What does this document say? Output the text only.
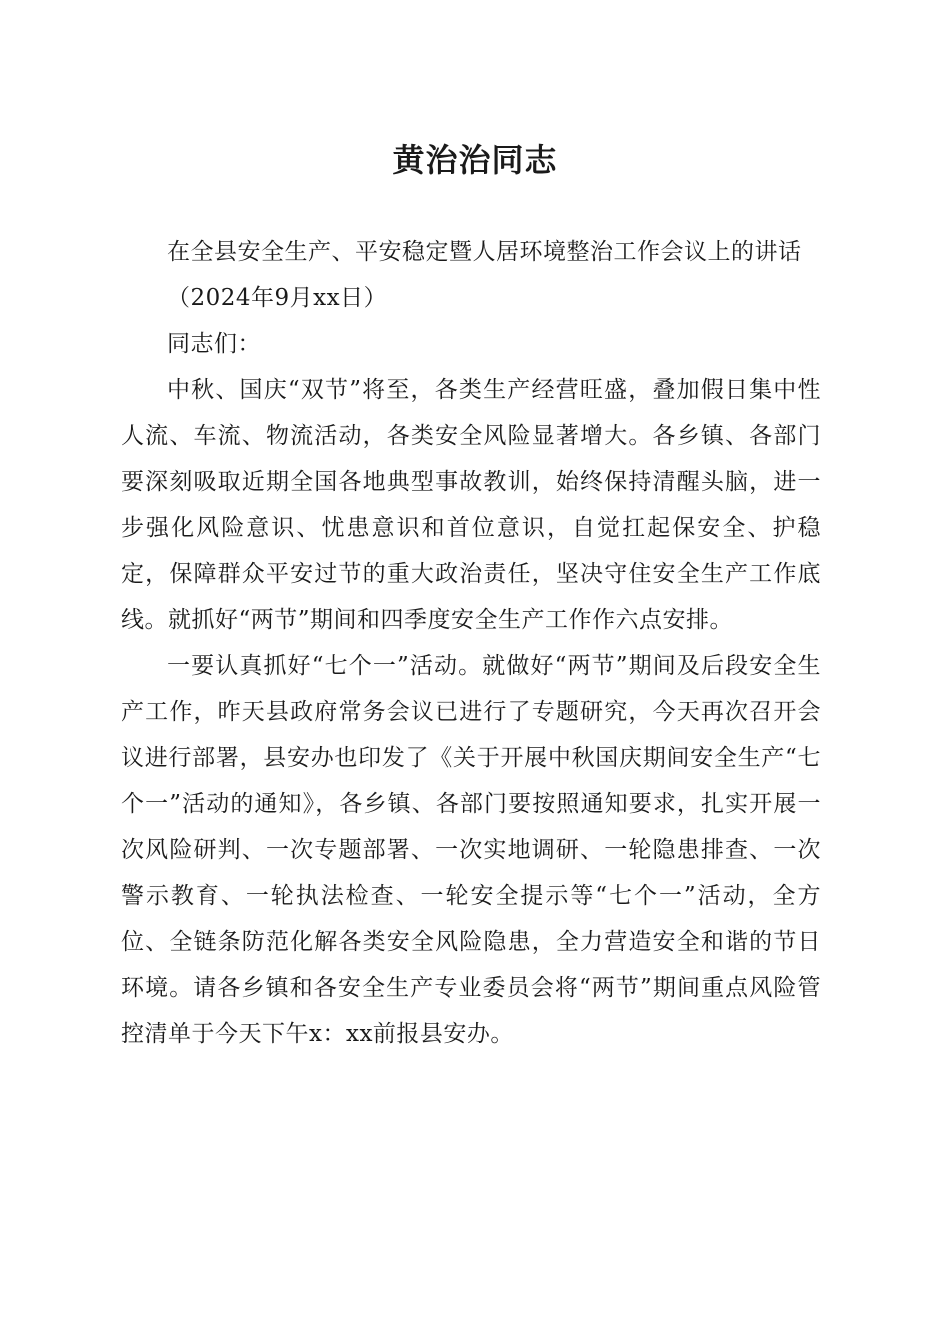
黄治治同志

在全县安全生产、平安稳定暨人居环境整治工作会议上的讲话

（2024年9月xx日）

同志们：

中秋、国庆“双节”将至，各类生产经营旺盛，叠加假日集中性人流、车流、物流活动，各类安全风险显著增大。各乡镇、各部门要深刻吸取近期全国各地典型事故教训，始终保持清醒头脑，进一步强化风险意识、忧患意识和首位意识，自觉扛起保安全、护稳定，保障群众平安过节的重大政治责任，坚决守住安全生产工作底线。就抓好“两节”期间和四季度安全生产工作作六点安排。

一要认真抓好“七个一”活动。就做好“两节”期间及后段安全生产工作，昨天县政府常务会议已进行了专题研究，今天再次召开会议进行部署，县安办也印发了《关于开展中秋国庆期间安全生产“七个一”活动的通知》，各乡镇、各部门要按照通知要求，扎实开展一次风险研判、一次专题部署、一次实地调研、一轮隐患排查、一次警示教育、一轮执法检查、一轮安全提示等“七个一”活动，全方位、全链条防范化解各类安全风险隐患，全力营造安全和谐的节日环境。请各乡镇和各安全生产专业委员会将“两节”期间重点风险管控清单于今天下午x：xx前报县安办。
